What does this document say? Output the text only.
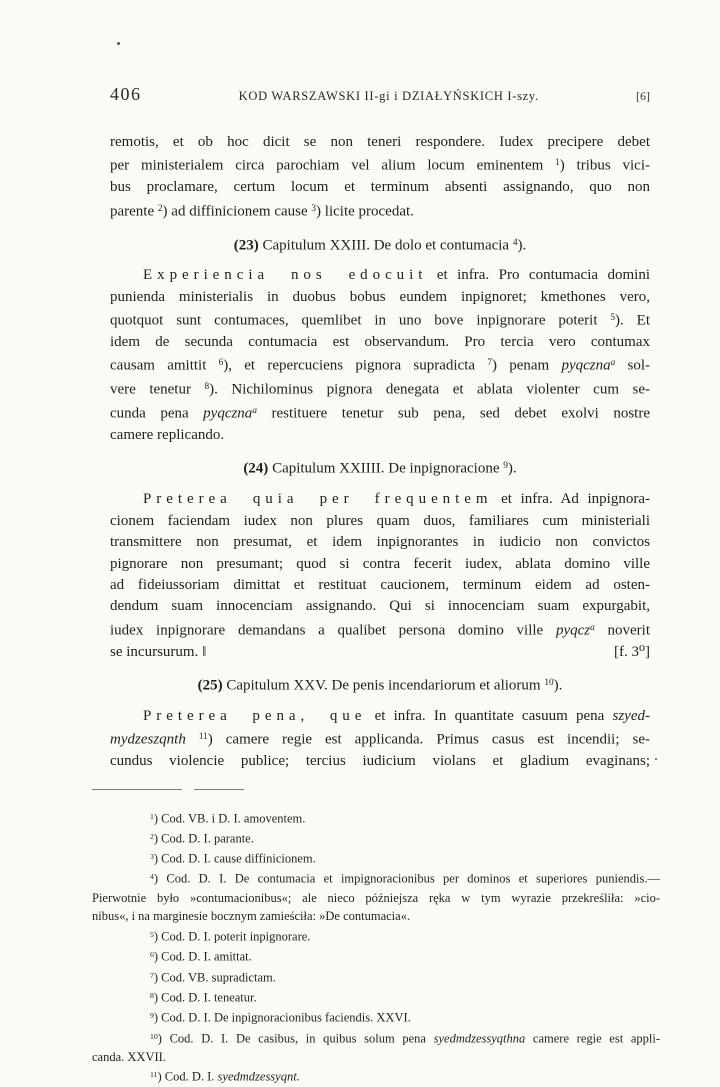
406	KOD WARSZAWSKI II-gi i DZIAŁYŃSKICH I-szy.	[6]
remotis, et ob hoc dicit se non teneri respondere. Iudex precipere debet
per ministerialem circa parochiam vel alium locum eminentem $^1$) tribus vici-
bus proclamare, certum locum et terminum absenti assignando, quo non
parente $^2$) ad diffinicionem cause $^3$) licite procedat.
(23) Capitulum XXIII. De dolo et contumacia $^4$).
Experiencia nos edocuit et infra. Pro contumacia domini
punienda ministerialis in duobus bobus eundem inpignoret; kmethones vero,
quotquot sunt contumaces, quemlibet in uno bove inpignorare poterit $^5$). Et
idem de secunda contumacia est observandum. Pro tercia vero contumax
causam amittit $^6$), et repercuciens pignora supradicta $^7$) penam pyqczna$^a$ sol-
vere tenetur $^8$). Nichilominus pignora denegata et ablata violenter cum se-
cunda pena pyqczna$^a$ restituere tenetur sub pena, sed debet exolvi nostre
camere replicando.
(24) Capitulum XXIIII. De inpignoracione $^9$).
Preterea quia per frequentem et infra. Ad inpignora-
cionem faciendam iudex non plures quam duos, familiares cum ministeriali
transmittere non presumat, et idem inpignorantes in iudicio non convictos
pignorare non presumant; quod si contra fecerit iudex, ablata domino ville
ad fideiussoriam dimittat et restituat caucionem, terminum eidem ad osten-
dendum suam innocenciam assignando. Qui si innocenciam suam expurgabit,
iudex inpignorare demandans a qualibet persona domino ville pyqcz$^a$ noverit
se incursurum. ‖	[f. 3⁰]
(25) Capitulum XXV. De penis incendariorum et aliorum $^{10}$).
Preterea pena, que et infra. In quantitate casuum pena szyed-
mydzeszqnth $^{11}$) camere regie est applicanda. Primus casus est incendii; se-
cundus violencie publice; tercius iudicium violans et gladium evaginans;
$^1$) Cod. VB. i D. I. amoventem.
$^2$) Cod. D. I. parante.
$^3$) Cod. D. I. cause diffinicionem.
$^4$) Cod. D. I. De contumacia et impignoracionibus per dominos et superiores puniendis.—
Pierwotnie było »contumacionibus«; ale nieco późniejsza ręka w tym wyrazie przekreśliła: »cio-
nibus«, i na marginesie bocznym zamieściła: »De contumacia«.
$^5$) Cod. D. I. poterit inpignorare.
$^6$) Cod. D. I. amittat.
$^7$) Cod. VB. supradictam.
$^8$) Cod. D. I. teneatur.
$^9$) Cod. D. I. De inpignoracionibus faciendis. XXVI.
$^{10}$) Cod. D. I. De casibus, in quibus solum pena syedmdzessyqthna camere regie est appli-
canda. XXVII.
$^{11}$) Cod. D. I. syedmdzessyqnt.
